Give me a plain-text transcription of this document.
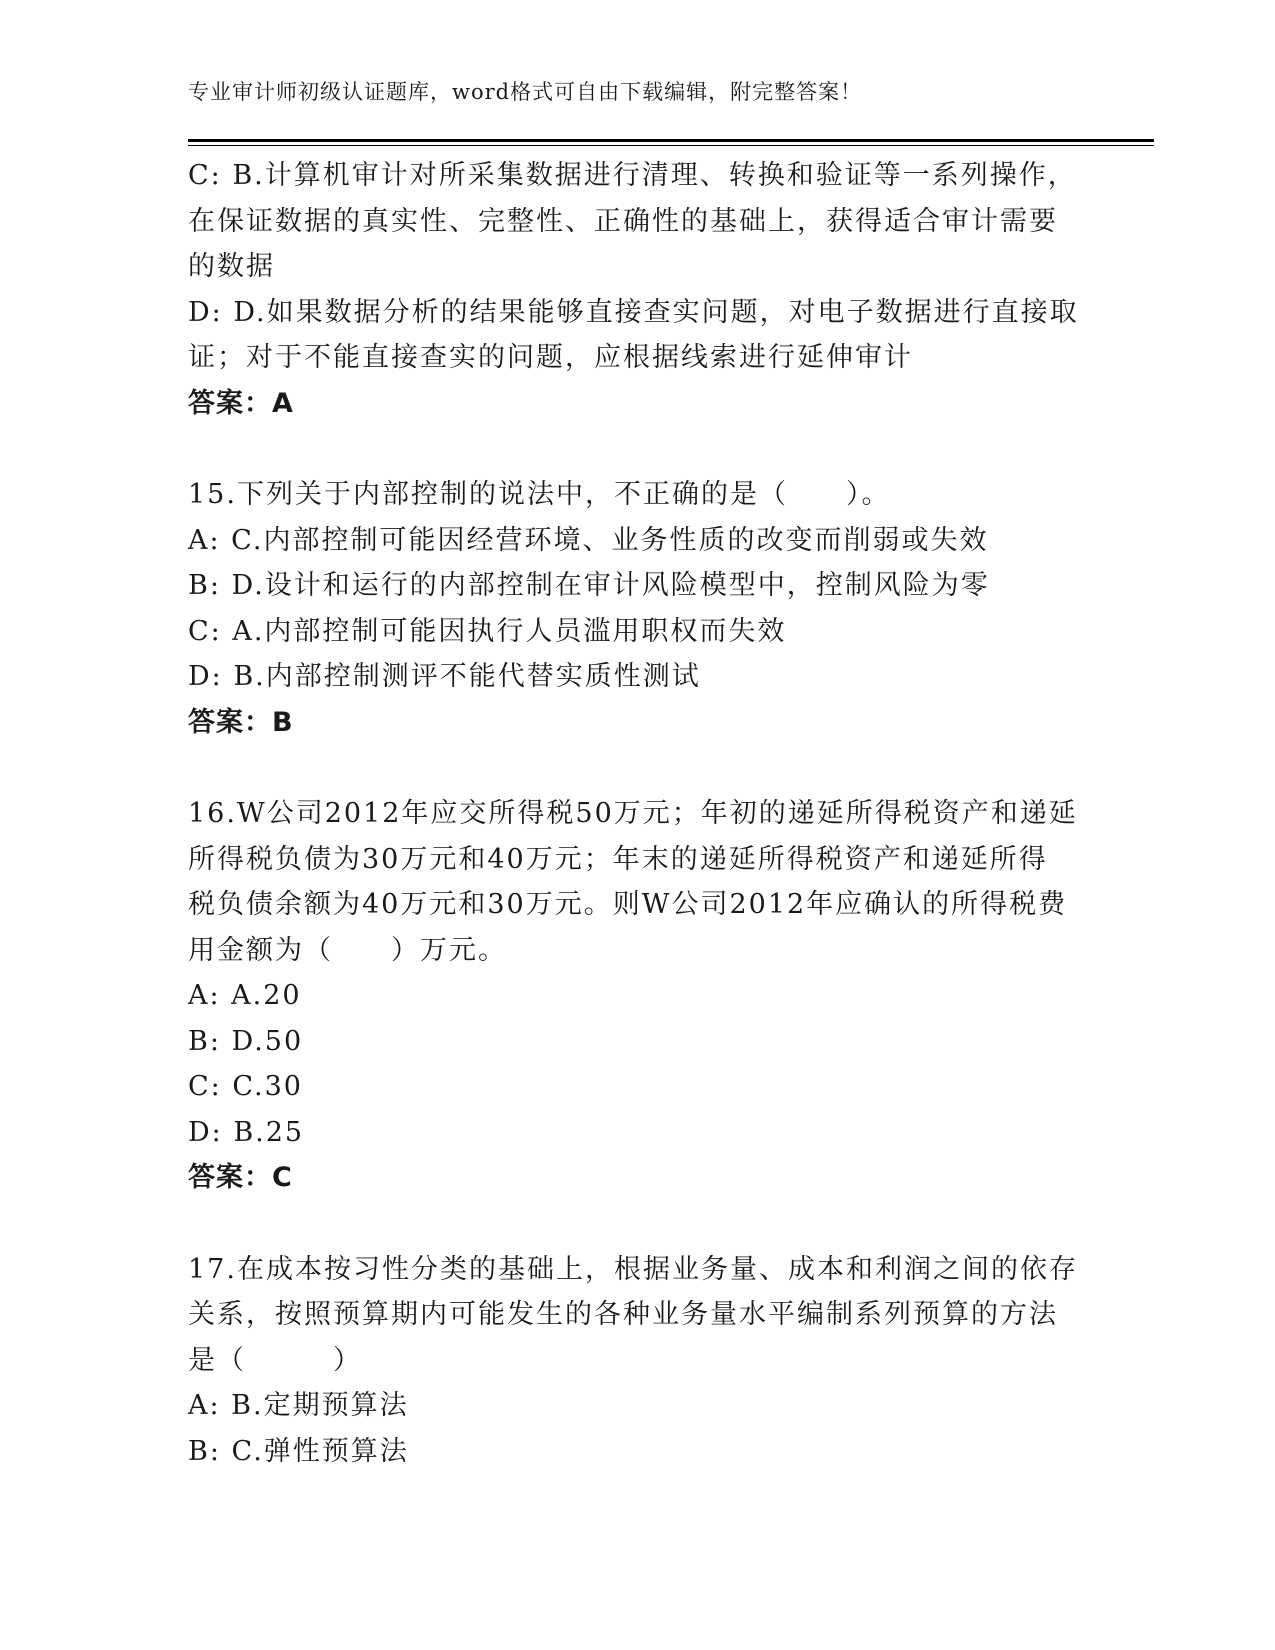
专业审计师初级认证题库，word格式可自由下载编辑，附完整答案！
C: B.计算机审计对所采集数据进行清理、转换和验证等一系列操作，
在保证数据的真实性、完整性、正确性的基础上，获得适合审计需要
的数据
D: D.如果数据分析的结果能够直接查实问题，对电子数据进行直接取
证；对于不能直接查实的问题，应根据线索进行延伸审计
答案：A
15.下列关于内部控制的说法中，不正确的是（　　）。
A: C.内部控制可能因经营环境、业务性质的改变而削弱或失效
B: D.设计和运行的内部控制在审计风险模型中，控制风险为零
C: A.内部控制可能因执行人员滥用职权而失效
D: B.内部控制测评不能代替实质性测试
答案：B
16.W公司2012年应交所得税50万元；年初的递延所得税资产和递延
所得税负债为30万元和40万元；年末的递延所得税资产和递延所得
税负债余额为40万元和30万元。则W公司2012年应确认的所得税费
用金额为（　　）万元。
A: A.20
B: D.50
C: C.30
D: B.25
答案：C
17.在成本按习性分类的基础上，根据业务量、成本和利润之间的依存
关系，按照预算期内可能发生的各种业务量水平编制系列预算的方法
是（　　　）
A: B.定期预算法
B: C.弹性预算法
